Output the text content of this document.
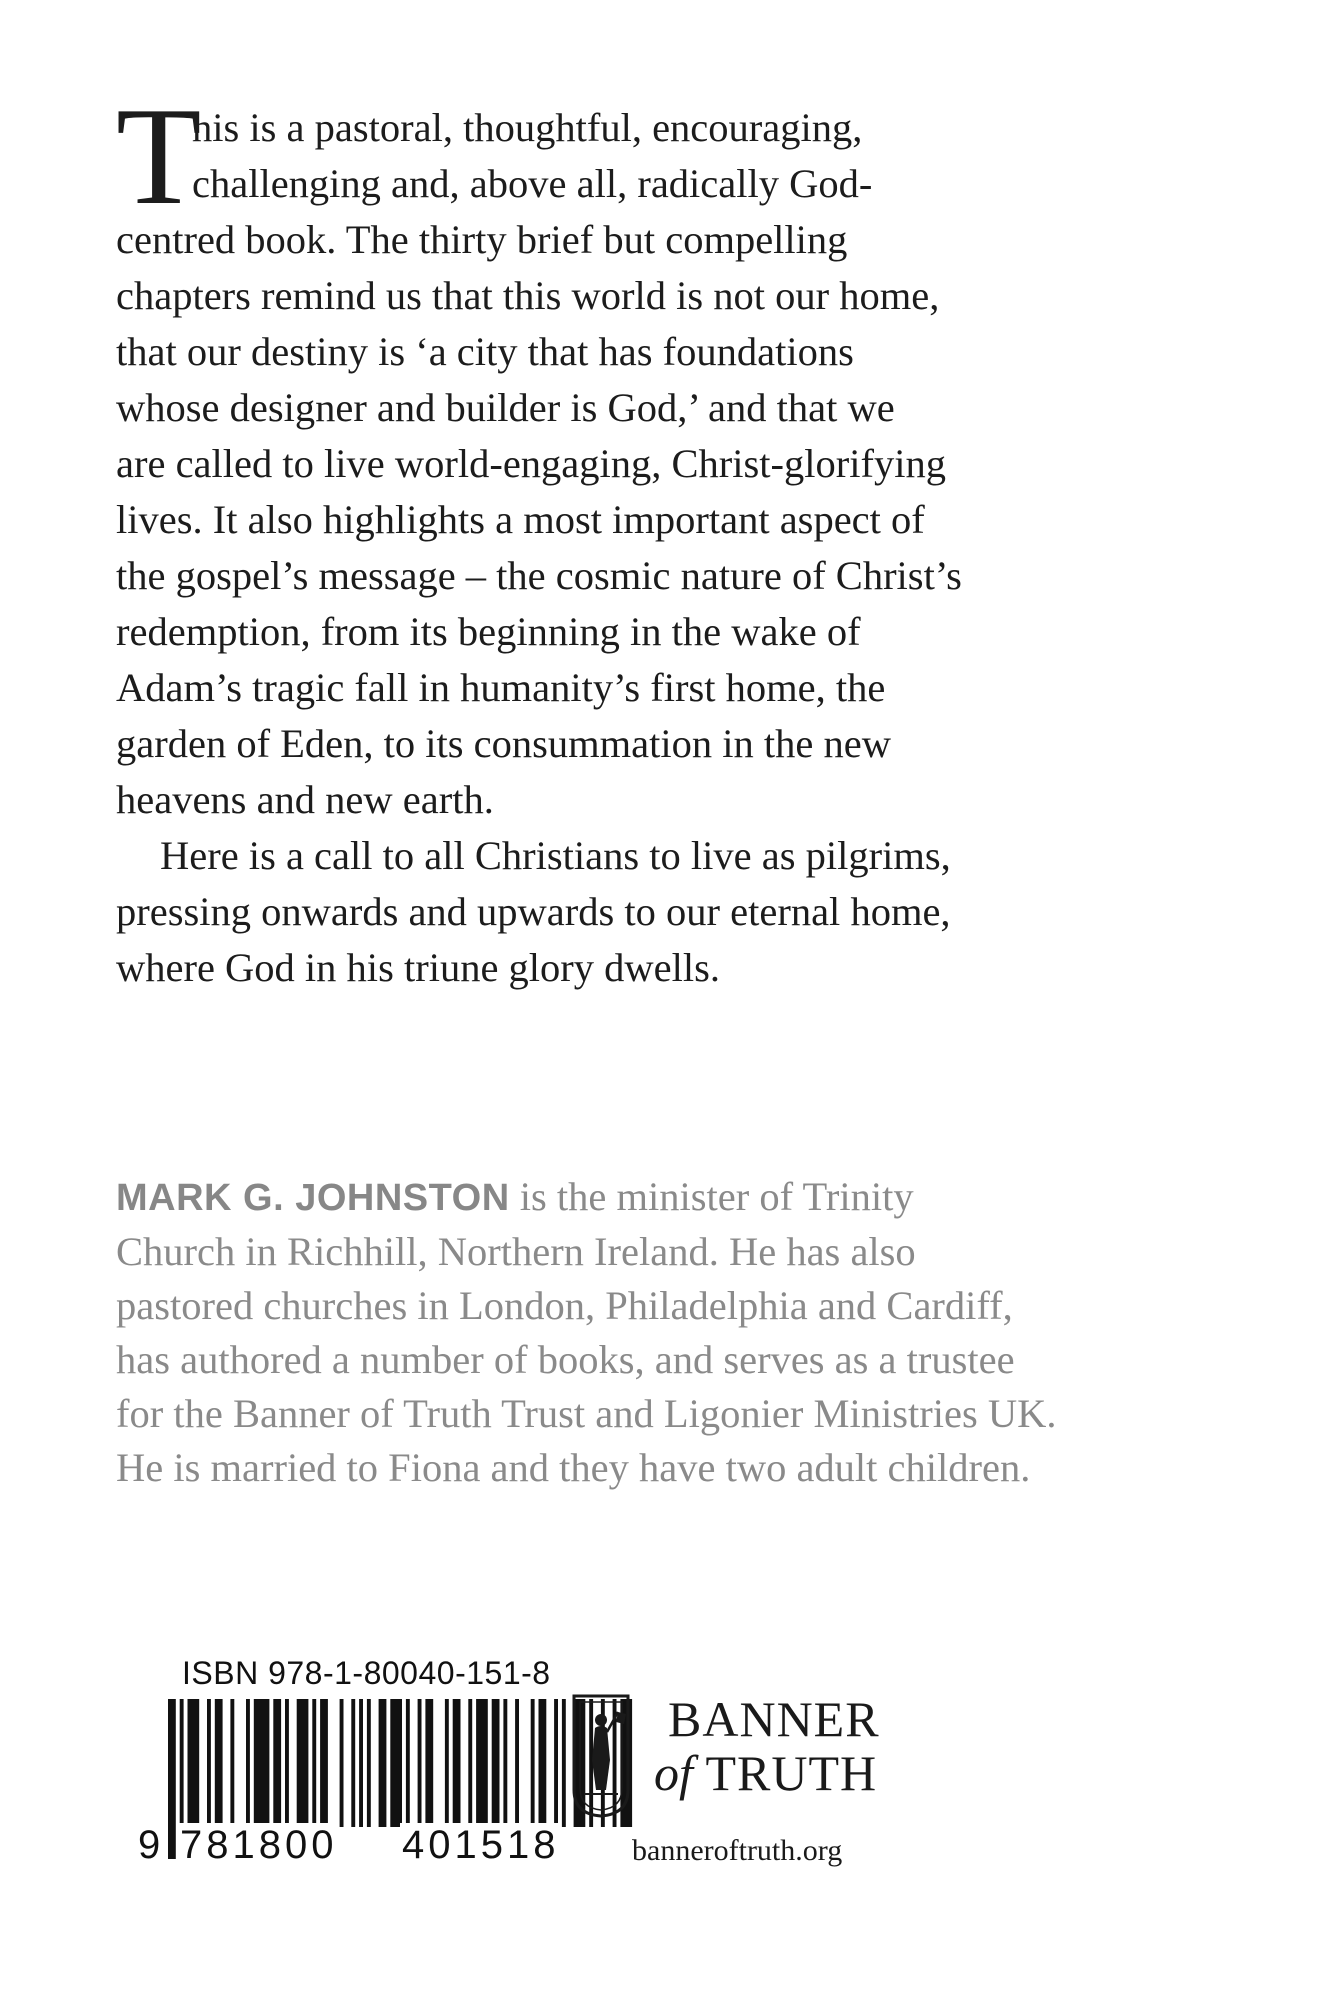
T
his is a pastoral, thoughtful, encouraging,
challenging and, above all, radically God-
centred book. The thirty brief but compelling
chapters remind us that this world is not our home,
that our destiny is ‘a city that has foundations
whose designer and builder is God,’ and that we
are called to live world-engaging, Christ-glorifying
lives. It also highlights a most important aspect of
the gospel’s message – the cosmic nature of Christ’s
redemption, from its beginning in the wake of
Adam’s tragic fall in humanity’s first home, the
garden of Eden, to its consummation in the new
heavens and new earth.

Here is a call to all Christians to live as pilgrims,
pressing onwards and upwards to our eternal home,
where God in his triune glory dwells.

MARK G. JOHNSTON is the minister of Trinity
Church in Richhill, Northern Ireland. He has also
pastored churches in London, Philadelphia and Cardiff,
has authored a number of books, and serves as a trustee
for the Banner of Truth Trust and Ligonier Ministries UK.
He is married to Fiona and they have two adult children.
ISBN 978-1-80040-151-8
9 781800 401518
BANNER
of TRUTH
banneroftruth.org
